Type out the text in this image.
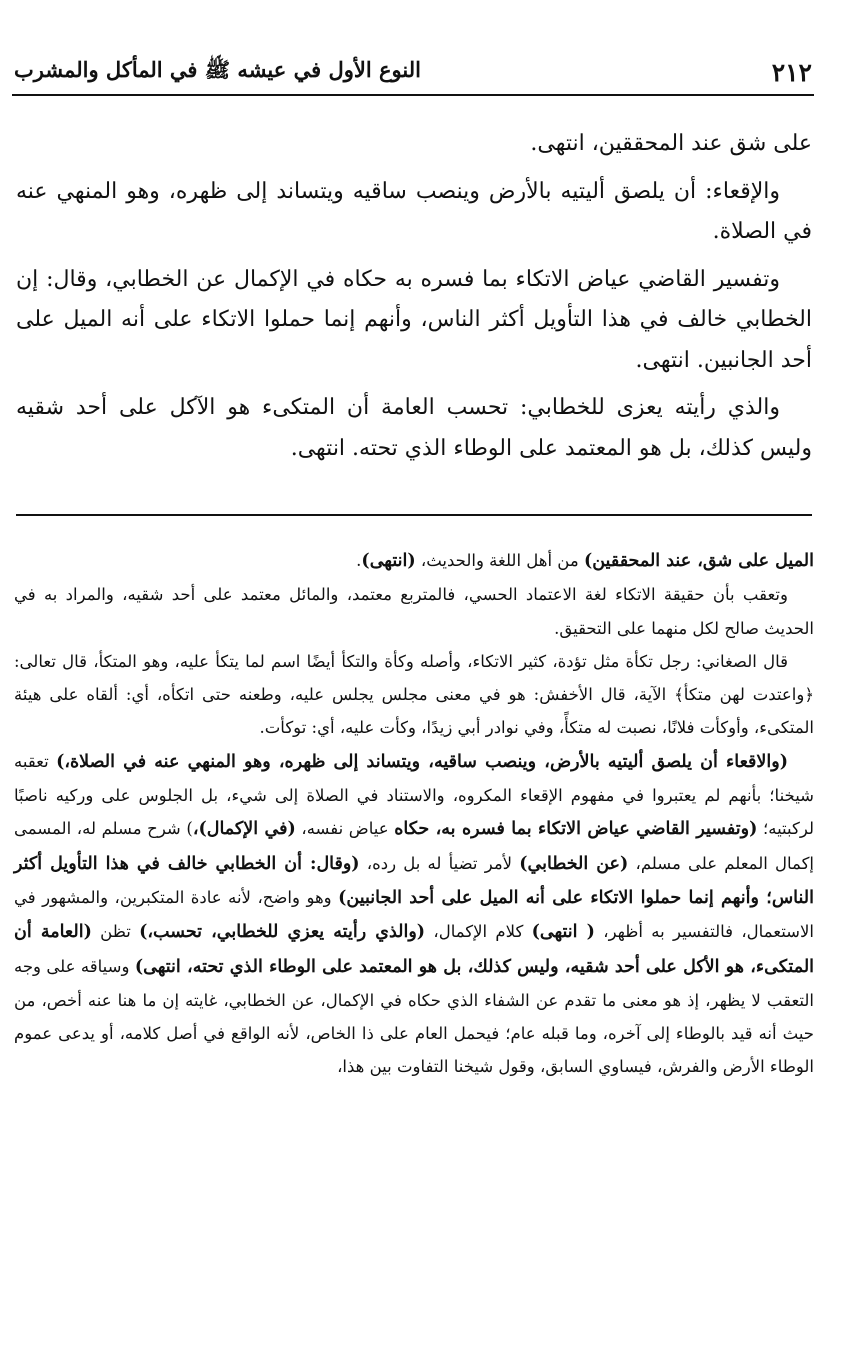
٢١٢
النوع الأول في عيشه ﷺ في المأكل والمشرب

على شق عند المحققين، انتهى.

والإقعاء: أن يلصق أليتيه بالأرض وينصب ساقيه ويتساند إلى ظهره، وهو المنهي عنه في الصلاة.

وتفسير القاضي عياض الاتكاء بما فسره به حكاه في الإكمال عن الخطابي، وقال: إن الخطابي خالف في هذا التأويل أكثر الناس، وأنهم إنما حملوا الاتكاء على أنه الميل على أحد الجانبين. انتهى.

والذي رأيته يعزى للخطابي: تحسب العامة أن المتكىء هو الآكل على أحد شقيه وليس كذلك، بل هو المعتمد على الوطاء الذي تحته. انتهى.

الميل على شق، عند المحققين) من أهل اللغة والحديث، (انتهى).

وتعقب بأن حقيقة الاتكاء لغة الاعتماد الحسي، فالمتربع معتمد، والمائل معتمد على أحد شقيه، والمراد به في الحديث صالح لكل منهما على التحقيق.

قال الصغاني: رجل تكأة مثل تؤدة، كثير الاتكاء، وأصله وكأة والتكأ أيضًا اسم لما يتكأ عليه، وهو المتكأ، قال تعالى: ﴿واعتدت لهن متكأ﴾ الآية، قال الأخفش: هو في معنى مجلس يجلس عليه، وطعنه حتى اتكأه، أي: ألقاه على هيئة المتكىء، وأوكأت فلانًا، نصبت له متكأً، وفي نوادر أبي زيدًا، وكأت عليه، أي: توكأت.

(والاقعاء أن يلصق أليتيه بالأرض، وينصب ساقيه، ويتساند إلى ظهره، وهو المنهي عنه في الصلاة،) تعقبه شيخنا؛ بأنهم لم يعتبروا في مفهوم الإقعاء المكروه، والاستناد في الصلاة إلى شيء، بل الجلوس على وركيه ناصبًا لركبتيه؛ (وتفسير القاضي عياض الاتكاء بما فسره به، حكاه عياض نفسه، (في الإكمال)،) شرح مسلم له، المسمى إكمال المعلم على مسلم، (عن الخطابي) لأمر تضيأ له بل رده، (وقال: أن الخطابي خالف في هذا التأويل أكثر الناس؛ وأنهم إنما حملوا الاتكاء على أنه الميل على أحد الجانبين) وهو واضح، لأنه عادة المتكبرين، والمشهور في الاستعمال، فالتفسير به أظهر، ( انتهى) كلام الإكمال، (والذي رأيته يعزي للخطابي، تحسب،) تظن (العامة أن المتكىء، هو الأكل على أحد شقيه، وليس كذلك، بل هو المعتمد على الوطاء الذي تحته، انتهى) وسياقه على وجه التعقب لا يظهر، إذ هو معنى ما تقدم عن الشفاء الذي حكاه في الإكمال، عن الخطابي، غايته إن ما هنا عنه أخص، من حيث أنه قيد بالوطاء إلى آخره، وما قبله عام؛ فيحمل العام على ذا الخاص، لأنه الواقع في أصل كلامه، أو يدعى عموم الوطاء الأرض والفرش، فيساوي السابق، وقول شيخنا التفاوت بين هذا،
